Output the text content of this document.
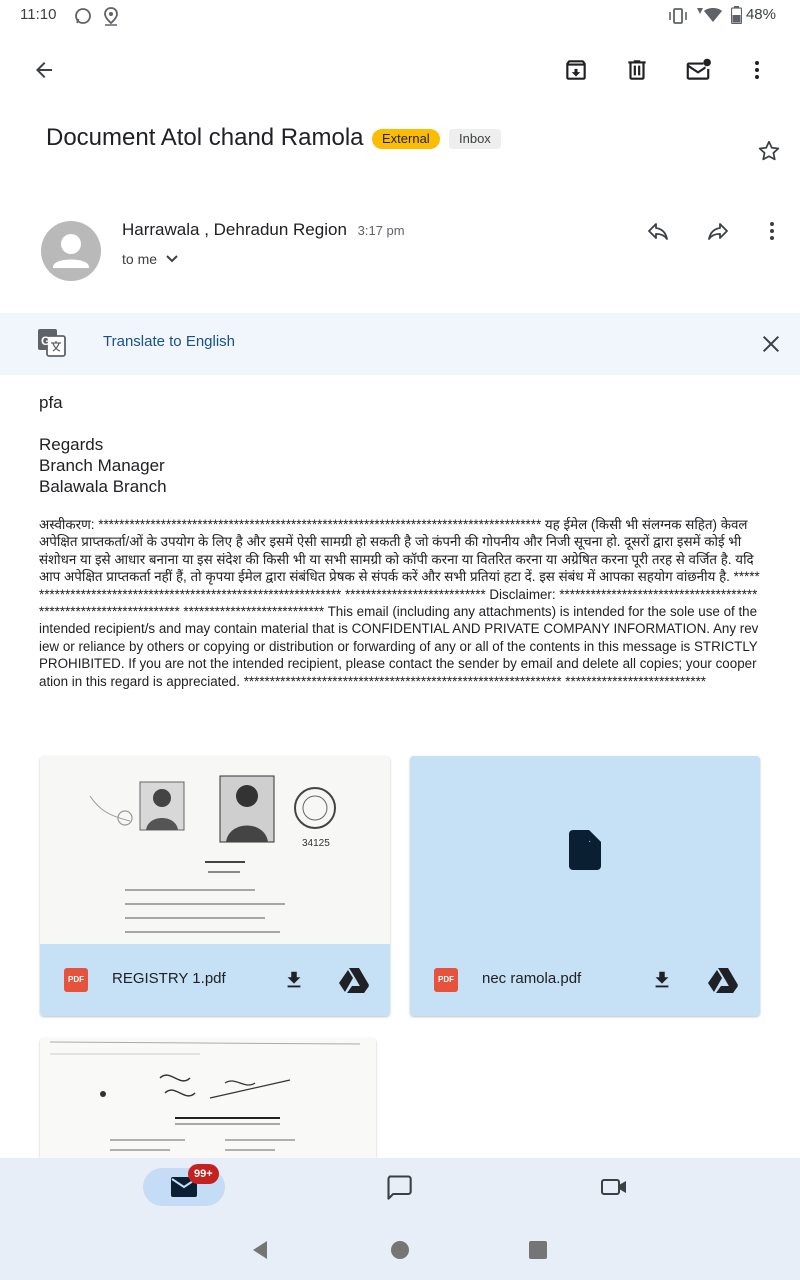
11:10	48%
Document Atol chand Ramola	External	Inbox
Harrawala , Dehradun Region 3:17 pm
to me
G	Translate to English
pfa
Regards
Branch Manager
Balawala Branch
अस्वीकरण: ************************************************************************************* यह ईमेल (किसी भी संलग्नक सहित) केवल अपेक्षित प्राप्तकर्ता/ओं के उपयोग के लिए है और इसमें ऐसी सामग्री हो सकती है जो कंपनी की गोपनीय और निजी सूचना हो. दूसरों द्वारा इसमें कोई भी संशोधन या इसे आधार बनाना या इस संदेश की किसी भी या सभी सामग्री को कॉपी करना या वितरित करना या अग्रेषित करना पूरी तरह से वर्जित है. यदि आप अपेक्षित प्राप्तकर्ता नहीं हैं, तो कृपया ईमेल द्वारा संबंधित प्रेषक से संपर्क करें और सभी प्रतियां हटा दें. इस संबंध में आपका सहयोग वांछनीय है. *************************************************************** *************************** Disclaimer: ***************************************************************** *************************** This email (including any attachments) is intended for the sole use of the intended recipient/s and may contain material that is CONFIDENTIAL AND PRIVATE COMPANY INFORMATION. Any review or reliance by others or copying or distribution or forwarding of any or all of the contents in this message is STRICTLY PROHIBITED. If you are not the intended recipient, please contact the sender by email and delete all copies; your cooperation in this regard is appreciated. ************************************************************* ***************************
34125
PDF REGISTRY 1.pdf	PDF nec ramola.pdf
99+
